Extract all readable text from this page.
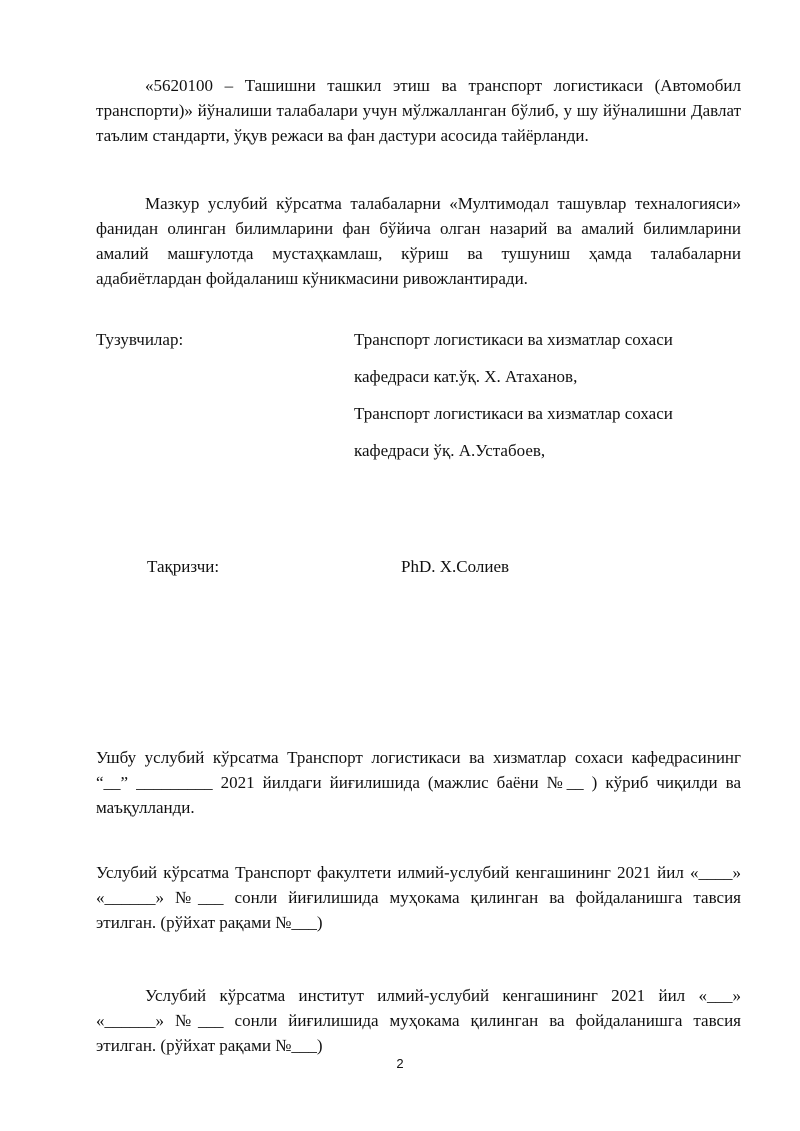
«5620100 – Ташишни ташкил этиш ва транспорт логистикаси (Автомобил транспорти)» йўналиши талабалари учун мўлжалланган бўлиб, у шу йўналишни Давлат таълим стандарти, ўқув режаси ва фан дастури асосида тайёрланди.

Мазкур услубий кўрсатма талабаларни «Мултимодал ташувлар техналогияси» фанидан олинган билимларини фан бўйича олган назарий ва амалий билимларини амалий машғулотда мустаҳкамлаш, кўриш ва тушуниш ҳамда талабаларни адабиётлардан фойдаланиш кўникмасини ривожлантиради.

Тузувчилар:	Транспорт логистикаси ва хизматлар сохаси
кафедраси кат.ўқ. Х. Атаханов,
Транспорт логистикаси ва хизматлар сохаси
кафедраси ўқ. А.Устабоев,

Тақризчи:	PhD. Х.Солиев

Ушбу услубий кўрсатма Транспорт логистикаси ва хизматлар сохаси кафедрасининг “__” _________ 2021 йилдаги йиғилишида (мажлис баёни №__ ) кўриб чиқилди ва маъқулланди.

Услубий кўрсатма Транспорт факултети илмий-услубий кенгашининг 2021 йил «____» «______» №___ сонли йиғилишида муҳокама қилинган ва фойдаланишга тавсия этилган. (рўйхат рақами №___)

Услубий кўрсатма институт илмий-услубий кенгашининг 2021 йил «___» «______» №___ сонли йиғилишида муҳокама қилинган ва фойдаланишга тавсия этилган. (рўйхат рақами №___)

2
